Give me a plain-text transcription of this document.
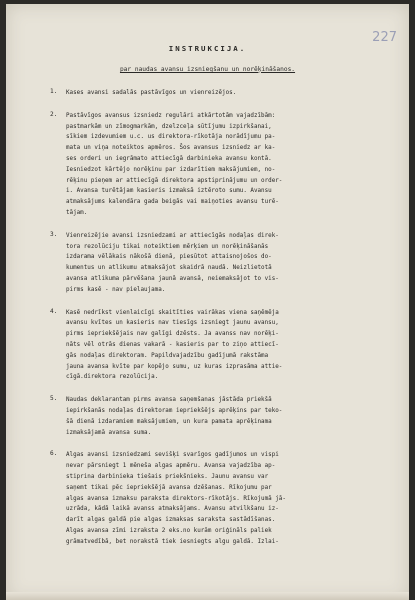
227
INSTRUKCIJA.
par naudas avansu izsniegšanu un norēķināšanos.
1. Kases avansi sadalās pastāvīgos un vienreizējos.
2. Pastāvīgos avansus izsniedz regulāri atkārtotām vajadzībām:
pastmarkām un zīmogmarkām, dzelzceļa sūtījumu izpirkšanai,
sīkiem izdevumiem u.c. us direktora-rīkotāja norādījumu pa-
mata un viņa noteiktos apmēros. Šos avansus izsniedz ar ka-
ses orderi un iegrāmato attiecīgā darbinieka avansu kontā.
Iesniedzot kārtējo norēķinu par izdarītiem maksājumiem, no-
rēķinu pieņem ar attiecīgā direktora apstiprinājumu un order-
i. Avansa turētājam kasieris izmaksā iztēroto sumu. Avansu
atmaksājums kalendāra gada beigās vai maiņoties avansu turē-
tājam.
3. Vienreizējie avansi izsniedzami ar attiecīgās nodaļas direk-
tora rezolūciju tikai noteiktiem mērķiem un norēķināšanās
izdarama vēlākais nākošā dienā, piesūtot attaisnojošos do-
kumentus un atlikumu atmaksājot skaidrā naudā. Neizlietotā
avansa atlikuma pārvēšana jaunā avansā, neiemaksājot to vis-
pirms kasē - nav pielaujama.
4. Kasē nedrīkst vienlaicīgi skaitīties vairākas viena saņēmēja
avansu kvītes un kasieris nav tiesīgs izsniegt jaunu avansu,
pirms iepriekšējais nav galīgi dzēsts. Ja avanss nav norēķi-
nāts vēl otrās dienas vakarā - kasieris par to ziņo attiecī-
gās nodaļas direktoram. Papildvajadzību gadījumā rakstāma
jauna avansa kvīte par kopējo sumu, uz kuras izprasāma attie-
cīgā.direktora rezolūcija.
5. Naudas deklarantam pirms avansa saņemšanas jāstāda priekšā
iepirkšanās nodaļas direktoram iepriekšējs aprēķins par teko-
šā dienā izdaramiem maksājumiem, un kura pamata aprēķinama
izmaksājamā avansa suma.
6. Algas avansi izsniedzami sevišķi svarīgos gadījumos un vispi
nevar pārsniegt 1 mēneša algas apmēru. Avansa vajadzība ap-
stiprina darbinieka tiešais priekšnieks. Jaunu avansu var
saņemt tikai pēc iepriekšējā avansa dzēšanas. Rīkojumu par
algas avansa izmaksu paraksta direktors-rīkotājs. Rīkojumā jā-
uzrāda, kādā laikā avanss atmaksājams. Avansu atvilkšanu iz-
darīt algas galdā pie algas izmaksas saraksta sastādīšanas.
Algas avansa zīmi izraksta 2 eks.no kurām oriģināls paliek
grāmatvedībā, bet norakstā tiek iesniegts algu galdā. Izlai-
